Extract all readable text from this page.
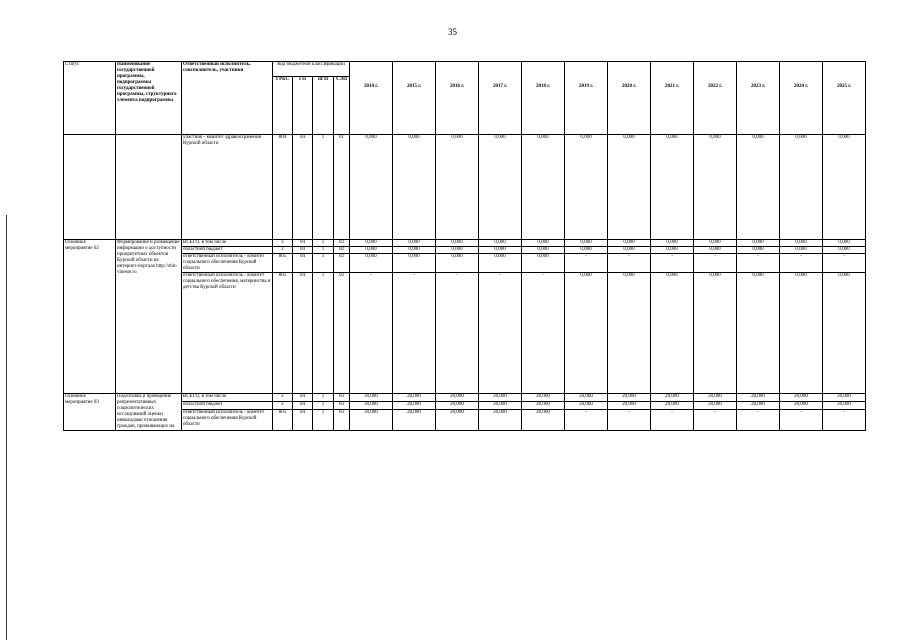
35
Статус	Наименование государственной программы, подпрограммы государственной программы, структурного элемента подпрограммы	Ответственный исполнитель, соисполнитель, участники	Код бюджетной классификации				2014 г.	2015 г.	2016 г.	2017 г.	2018 г.	2019 г.	2020 г.	2021 г.	2022 г.	2023 г.	2024 г.	2025 г.
			ГРБС	ГП	пГП	СЭП												
		участник - комитет здравоохранения Курской области	804	04	1	01	0,000	0,000	0,000	0,000	0,000	0,000	0,000	0,000	0,000	0,000	0,000	0,000
Основное мероприятие 02	Формирование и размещение информации о доступности приоритетных объектов Курской области на интернет-портале http://zhit-vmeste.ru	ВСЕГО, в том числе	х	04	1	02	0,000	0,000	0,000	0,000	0,000	0,000	0,000	0,000	0,000	0,000	0,000	0,000
		областной бюджет	х	04	1	02	0,000	0,000	0,000	0,000	0,000	0,000	0,000	0,000	0,000	0,000	0,000	0,000
		ответственный исполнитель - комитет социального обеспечения Курской области	805	04	1	02	0,000	0,000	0,000	0,000	0,000	-	-	-	-	-	-	-
		ответственный исполнитель - комитет социального обеспечения, материнства и детства Курской области	805	04	1	02	-	-	-	-	-	0,000	0,000	0,000	0,000	0,000	0,000	0,000
Основное мероприятие 03	Подготовка и проведение репрезентативных социологических исследований оценки инвалидами отношения граждан, проживающих на	ВСЕГО, в том числе	х	04	1	03	30,000	20,000	20,000	20,000	20,000	20,000	20,000	20,000	20,000	20,000	20,000	20,000
		областной бюджет	х	04	1	03	30,000	20,000	20,000	20,000	20,000	20,000	20,000	20,000	20,000	20,000	20,000	20,000
		ответственный исполнитель - комитет социального обеспечения Курской области	805	04	1	03	30,000	20,000	20,000	20,000	20,000	-	-	-	-	-	-	-
